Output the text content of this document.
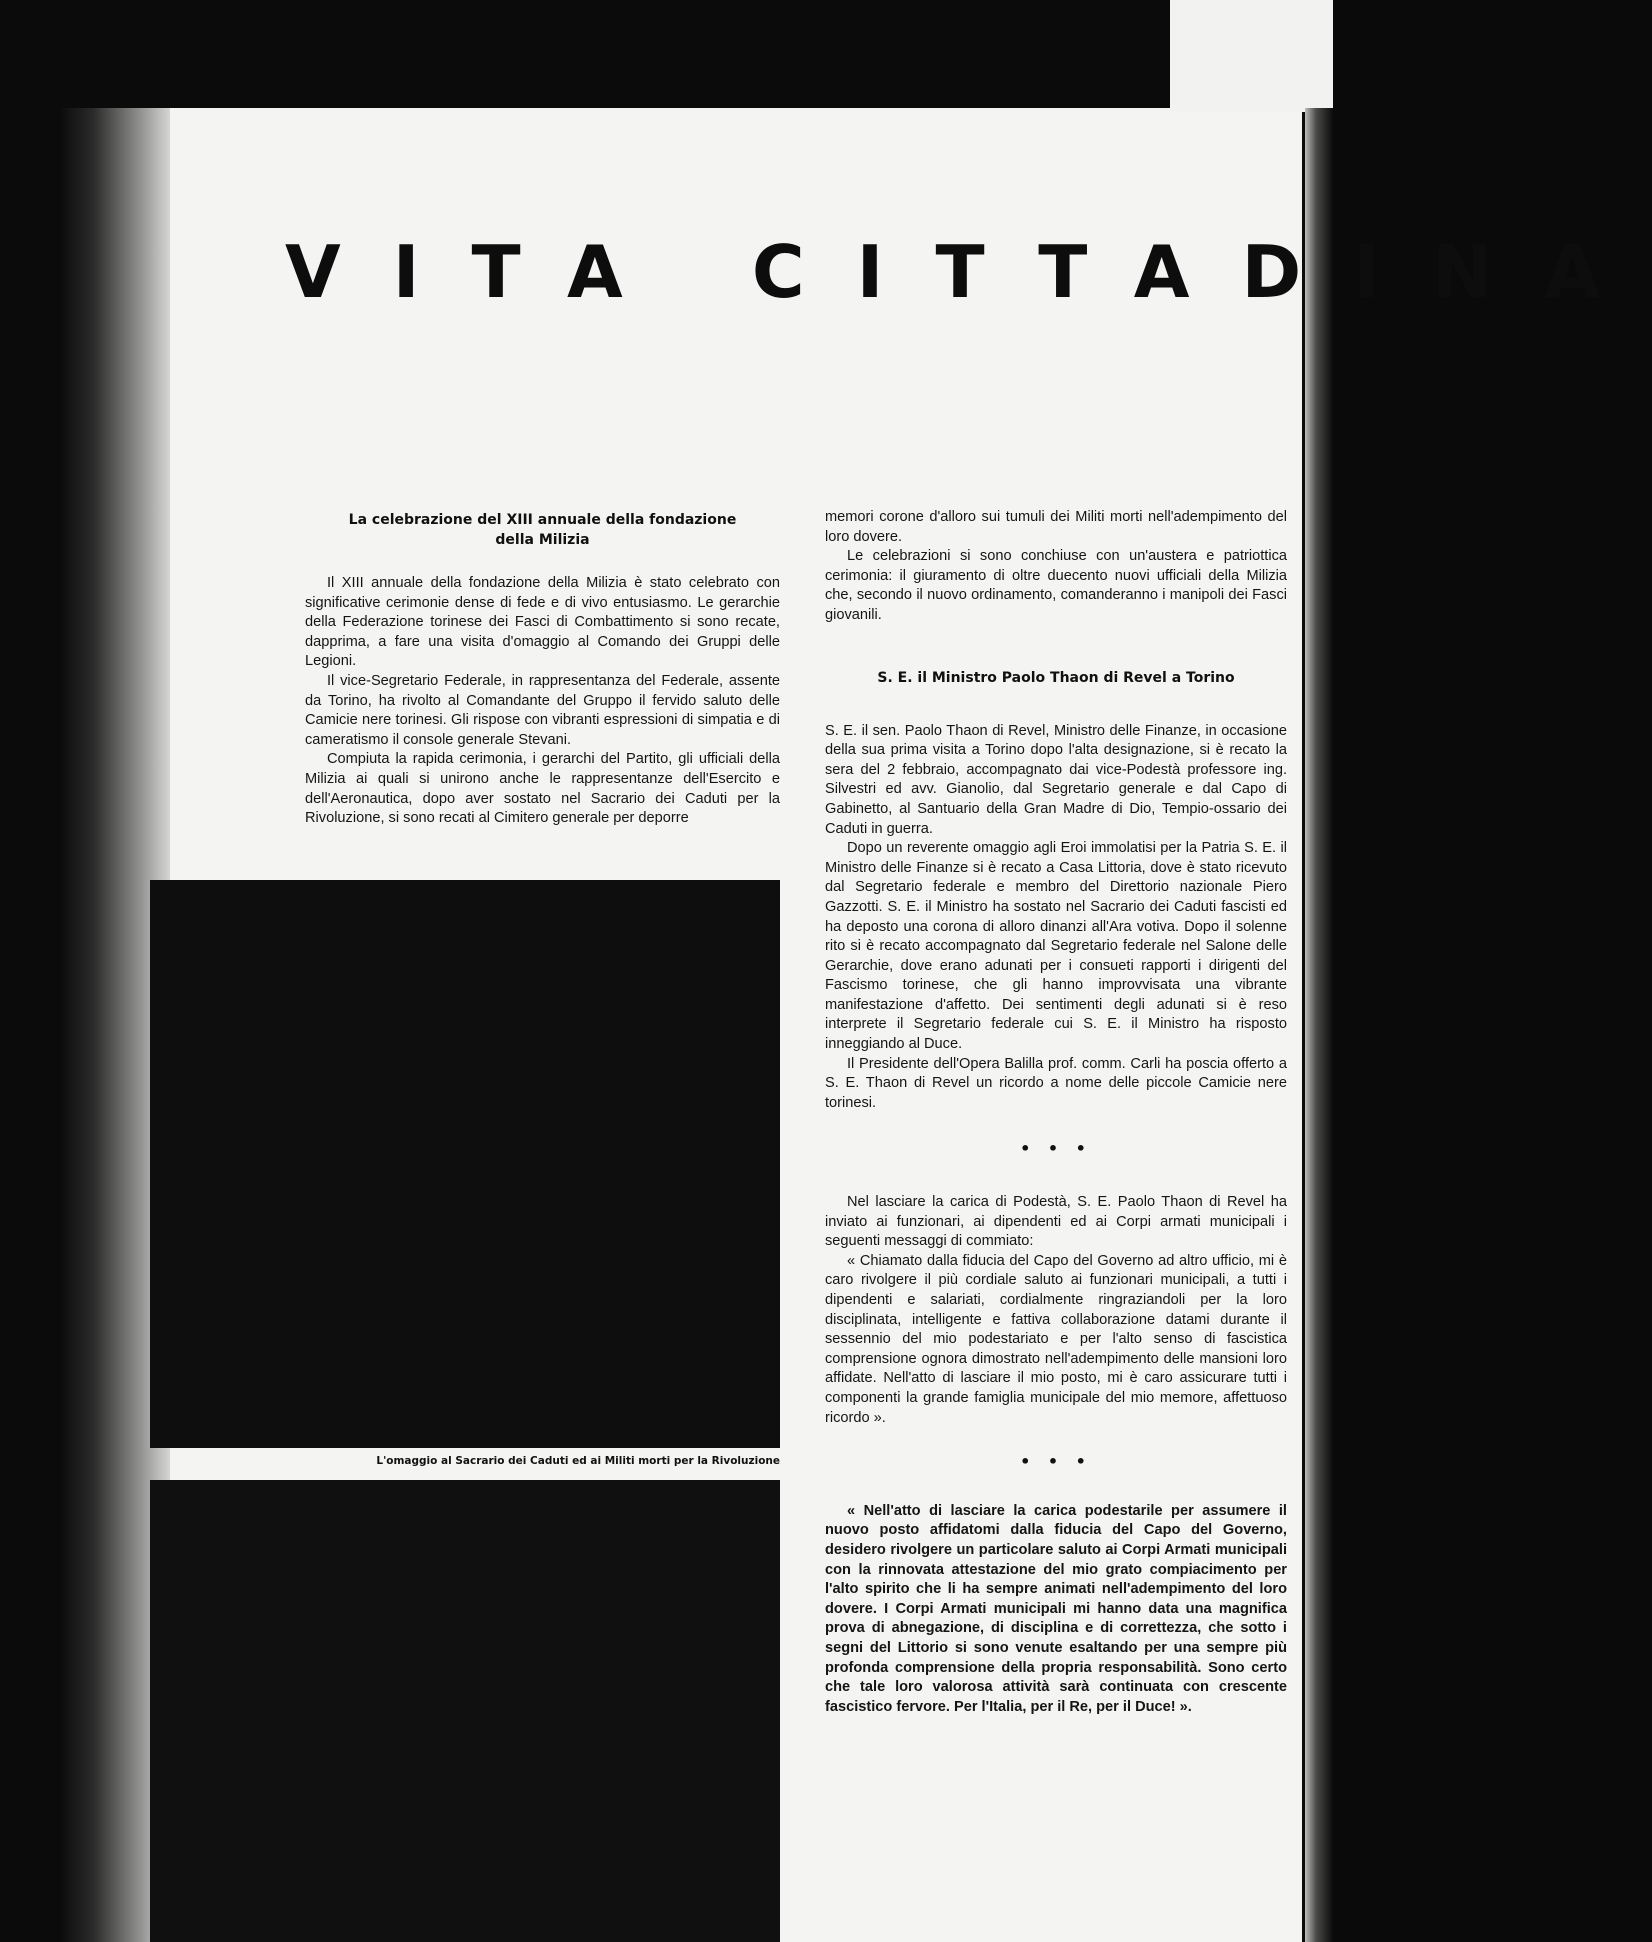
VITA CITTADINA
La celebrazione del XIII annuale della fondazione
della Milizia

Il XIII annuale della fondazione della Milizia è stato celebrato con significative cerimonie dense di fede e di vivo entusiasmo. Le gerarchie della Federazione torinese dei Fasci di Combattimento si sono recate, dapprima, a fare una visita d'omaggio al Comando dei Gruppi delle Legioni.

Il vice-Segretario Federale, in rappresentanza del Federale, assente da Torino, ha rivolto al Comandante del Gruppo il fervido saluto delle Camicie nere torinesi. Gli rispose con vibranti espressioni di simpatia e di cameratismo il console generale Stevani.

Compiuta la rapida cerimonia, i gerarchi del Partito, gli ufficiali della Milizia ai quali si unirono anche le rappresentanze dell'Esercito e dell'Aeronautica, dopo aver sostato nel Sacrario dei Caduti per la Rivoluzione, si sono recati al Cimitero generale per deporre

L'omaggio al Sacrario dei Caduti ed ai Militi morti per la Rivoluzione

memori corone d'alloro sui tumuli dei Militi morti nell'adempimento del loro dovere.

Le celebrazioni si sono conchiuse con un'austera e patriottica cerimonia: il giuramento di oltre duecento nuovi ufficiali della Milizia che, secondo il nuovo ordinamento, comanderanno i manipoli dei Fasci giovanili.

S. E. il Ministro Paolo Thaon di Revel a Torino

S. E. il sen. Paolo Thaon di Revel, Ministro delle Finanze, in occasione della sua prima visita a Torino dopo l'alta designazione, si è recato la sera del 2 febbraio, accompagnato dai vice-Podestà professore ing. Silvestri ed avv. Gianolio, dal Segretario generale e dal Capo di Gabinetto, al Santuario della Gran Madre di Dio, Tempio-ossario dei Caduti in guerra.

Dopo un reverente omaggio agli Eroi immolatisi per la Patria S. E. il Ministro delle Finanze si è recato a Casa Littoria, dove è stato ricevuto dal Segretario federale e membro del Direttorio nazionale Piero Gazzotti. S. E. il Ministro ha sostato nel Sacrario dei Caduti fascisti ed ha deposto una corona di alloro dinanzi all'Ara votiva. Dopo il solenne rito si è recato accompagnato dal Segretario federale nel Salone delle Gerarchie, dove erano adunati per i consueti rapporti i dirigenti del Fascismo torinese, che gli hanno improvvisata una vibrante manifestazione d'affetto. Dei sentimenti degli adunati si è reso interprete il Segretario federale cui S. E. il Ministro ha risposto inneggiando al Duce.

Il Presidente dell'Opera Balilla prof. comm. Carli ha poscia offerto a S. E. Thaon di Revel un ricordo a nome delle piccole Camicie nere torinesi.

• • •

Nel lasciare la carica di Podestà, S. E. Paolo Thaon di Revel ha inviato ai funzionari, ai dipendenti ed ai Corpi armati municipali i seguenti messaggi di commiato:

« Chiamato dalla fiducia del Capo del Governo ad altro ufficio, mi è caro rivolgere il più cordiale saluto ai funzionari municipali, a tutti i dipendenti e salariati, cordialmente ringraziandoli per la loro disciplinata, intelligente e fattiva collaborazione datami durante il sessennio del mio podestariato e per l'alto senso di fascistica comprensione ognora dimostrato nell'adempimento delle mansioni loro affidate. Nell'atto di lasciare il mio posto, mi è caro assicurare tutti i componenti la grande famiglia municipale del mio memore, affettuoso ricordo ».

• • •

« Nell'atto di lasciare la carica podestarile per assumere il nuovo posto affidatomi dalla fiducia del Capo del Governo, desidero rivolgere un particolare saluto ai Corpi Armati municipali con la rinnovata attestazione del mio grato compiacimento per l'alto spirito che li ha sempre animati nell'adempimento del loro dovere. I Corpi Armati municipali mi hanno data una magnifica prova di abnegazione, di disciplina e di correttezza, che sotto i segni del Littorio si sono venute esaltando per una sempre più profonda comprensione della propria responsabilità. Sono certo che tale loro valorosa attività sarà continuata con crescente fascistico fervore. Per l'Italia, per il Re, per il Duce! ».
